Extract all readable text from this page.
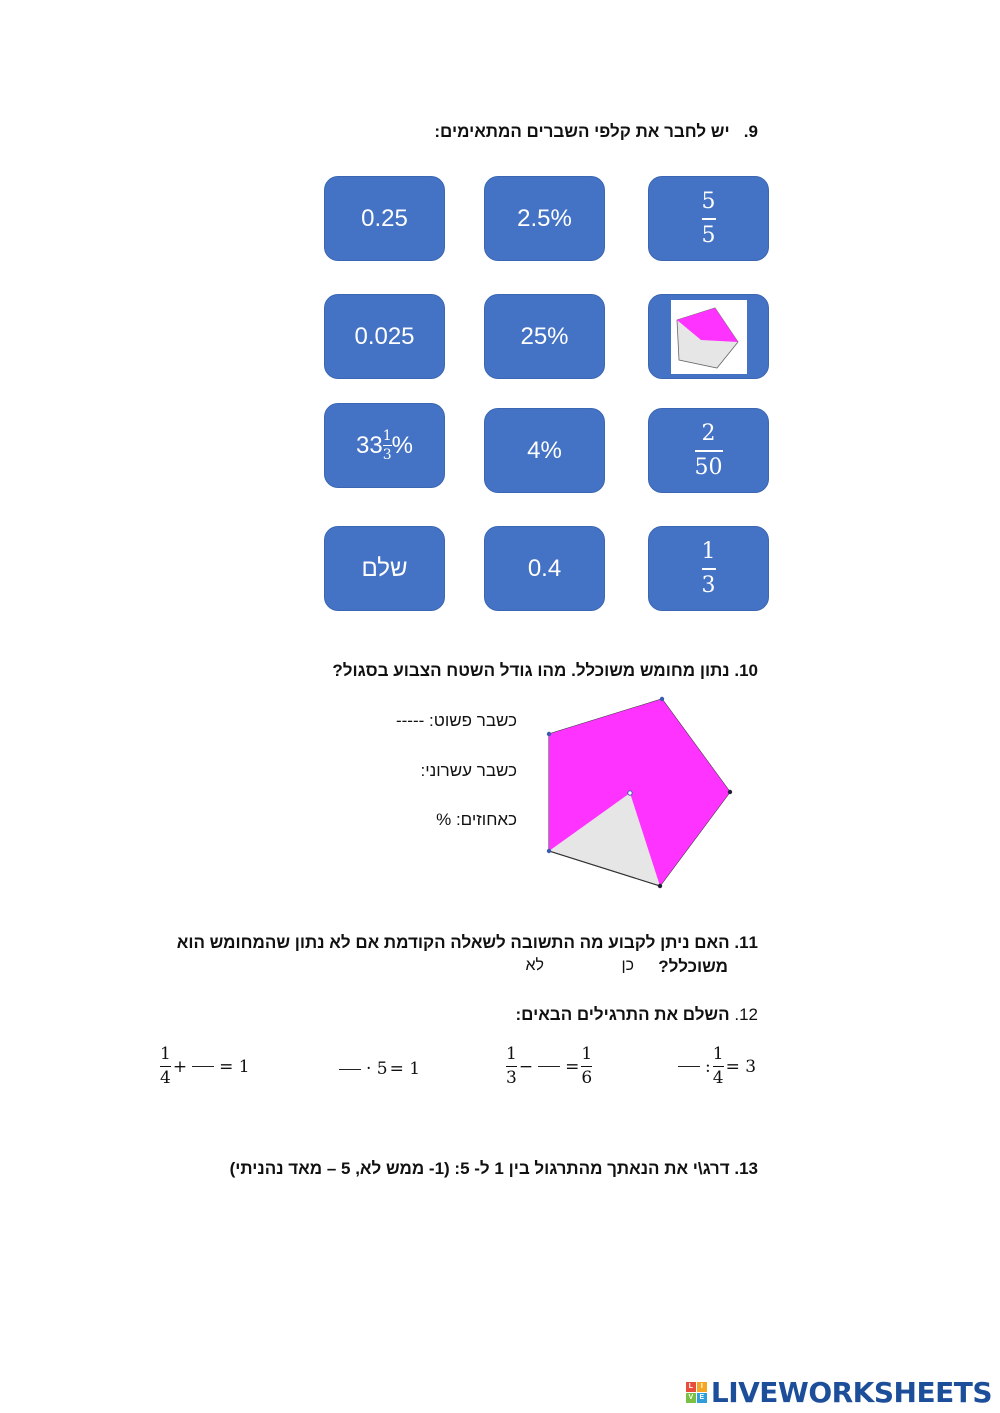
9.   יש לחבר את קלפי השברים המתאימים:
0.25	2.5%	$\frac{5}{5}$
0.025	25%
$33 \frac{1}{3}$ %	4%	$\frac{2}{50}$
שלם	0.4	$\frac{1}{3}$
10. נתון מחומש משוכלל. מהו גודל השטח הצבוע בסגול?
כשבר פשוט: -----
כשבר עשרוני:
כאחוזים: %
11. האם ניתן לקבוע מה התשובה לשאלה הקודמת אם לא נתון שהמחומש הוא
משוכלל?
כן
לא
12. השלם את התרגילים הבאים:
$\frac{1}{4}$ + = 1	· 5 = 1	$\frac{1}{3}$ − = $\frac{1}{6}$	: $\frac{1}{4} = 3$
13. דרג\י את הנאתך מהתרגול בין 1 ל- 5: (1- ממש לא, 5 – מאד נהניתי)
L	I
V E LIVEWORKSHEETS
